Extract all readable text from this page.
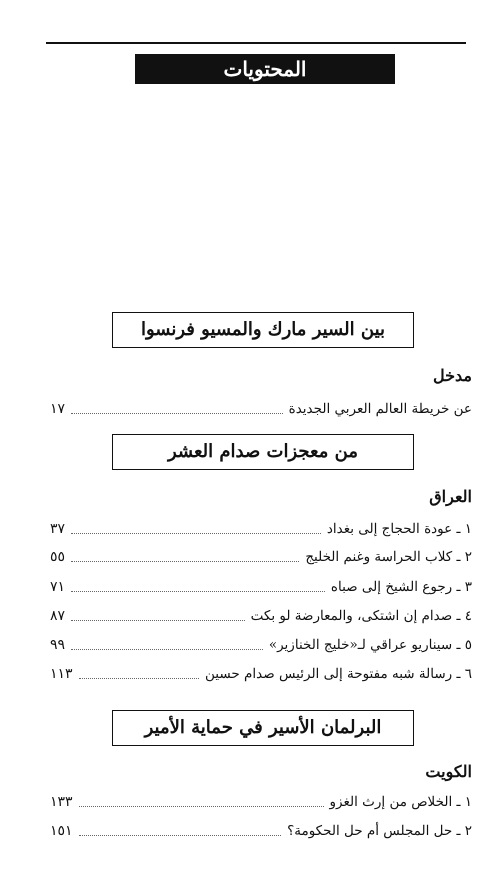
المحتويات
بين السير مارك والمسيو فرنسوا
مدخل
عن خريطة العالم العربي الجديدة
١٧
من معجزات صدام العشر
العراق
١ ـ عودة الحجاج إلى بغداد
٣٧
٢ ـ كلاب الحراسة وغنم الخليج
٥٥
٣ ـ رجوع الشيخ إلى صباه
٧١
٤ ـ صدام إن اشتكى، والمعارضة لو بكت
٨٧
٥ ـ سيناريو عراقي لـ«خليج الخنازير»
٩٩
٦ ـ رسالة شبه مفتوحة إلى الرئيس صدام حسين
١١٣
البرلمان الأسير في حماية الأمير
الكويت
١ ـ الخلاص من إرث الغزو
١٣٣
٢ ـ حل المجلس أم حل الحكومة؟
١٥١
